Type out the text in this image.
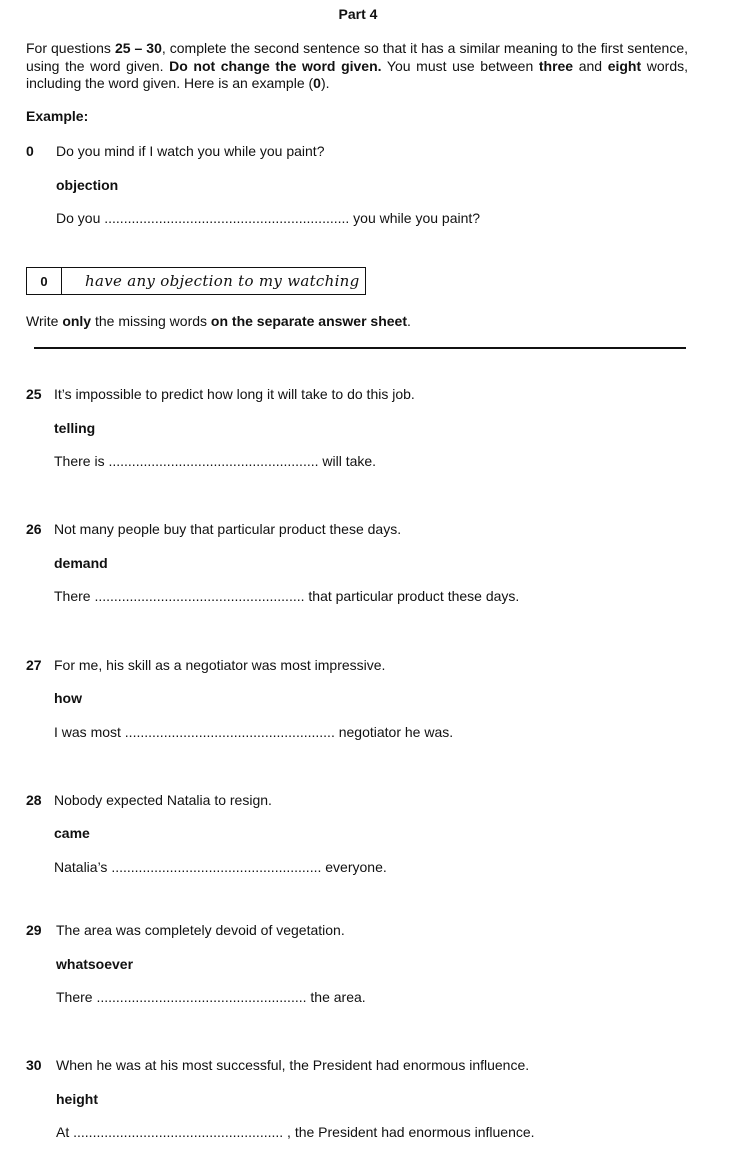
Part 4
For questions 25 – 30, complete the second sentence so that it has a similar meaning to the first sentence, using the word given. Do not change the word given. You must use between three and eight words, including the word given. Here is an example (0).
Example:
0 Do you mind if I watch you while you paint?
objection
Do you ............................................................... you while you paint?
0	have any objection to my watching
Write only the missing words on the separate answer sheet.
25 It’s impossible to predict how long it will take to do this job.
telling
There is ...................................................... will take.
26 Not many people buy that particular product these days.
demand
There ...................................................... that particular product these days.
27 For me, his skill as a negotiator was most impressive.
how
I was most ...................................................... negotiator he was.
28 Nobody expected Natalia to resign.
came
Natalia’s ...................................................... everyone.
29 The area was completely devoid of vegetation.
whatsoever
There ...................................................... the area.
30 When he was at his most successful, the President had enormous influence.
height
At ...................................................... , the President had enormous influence.
